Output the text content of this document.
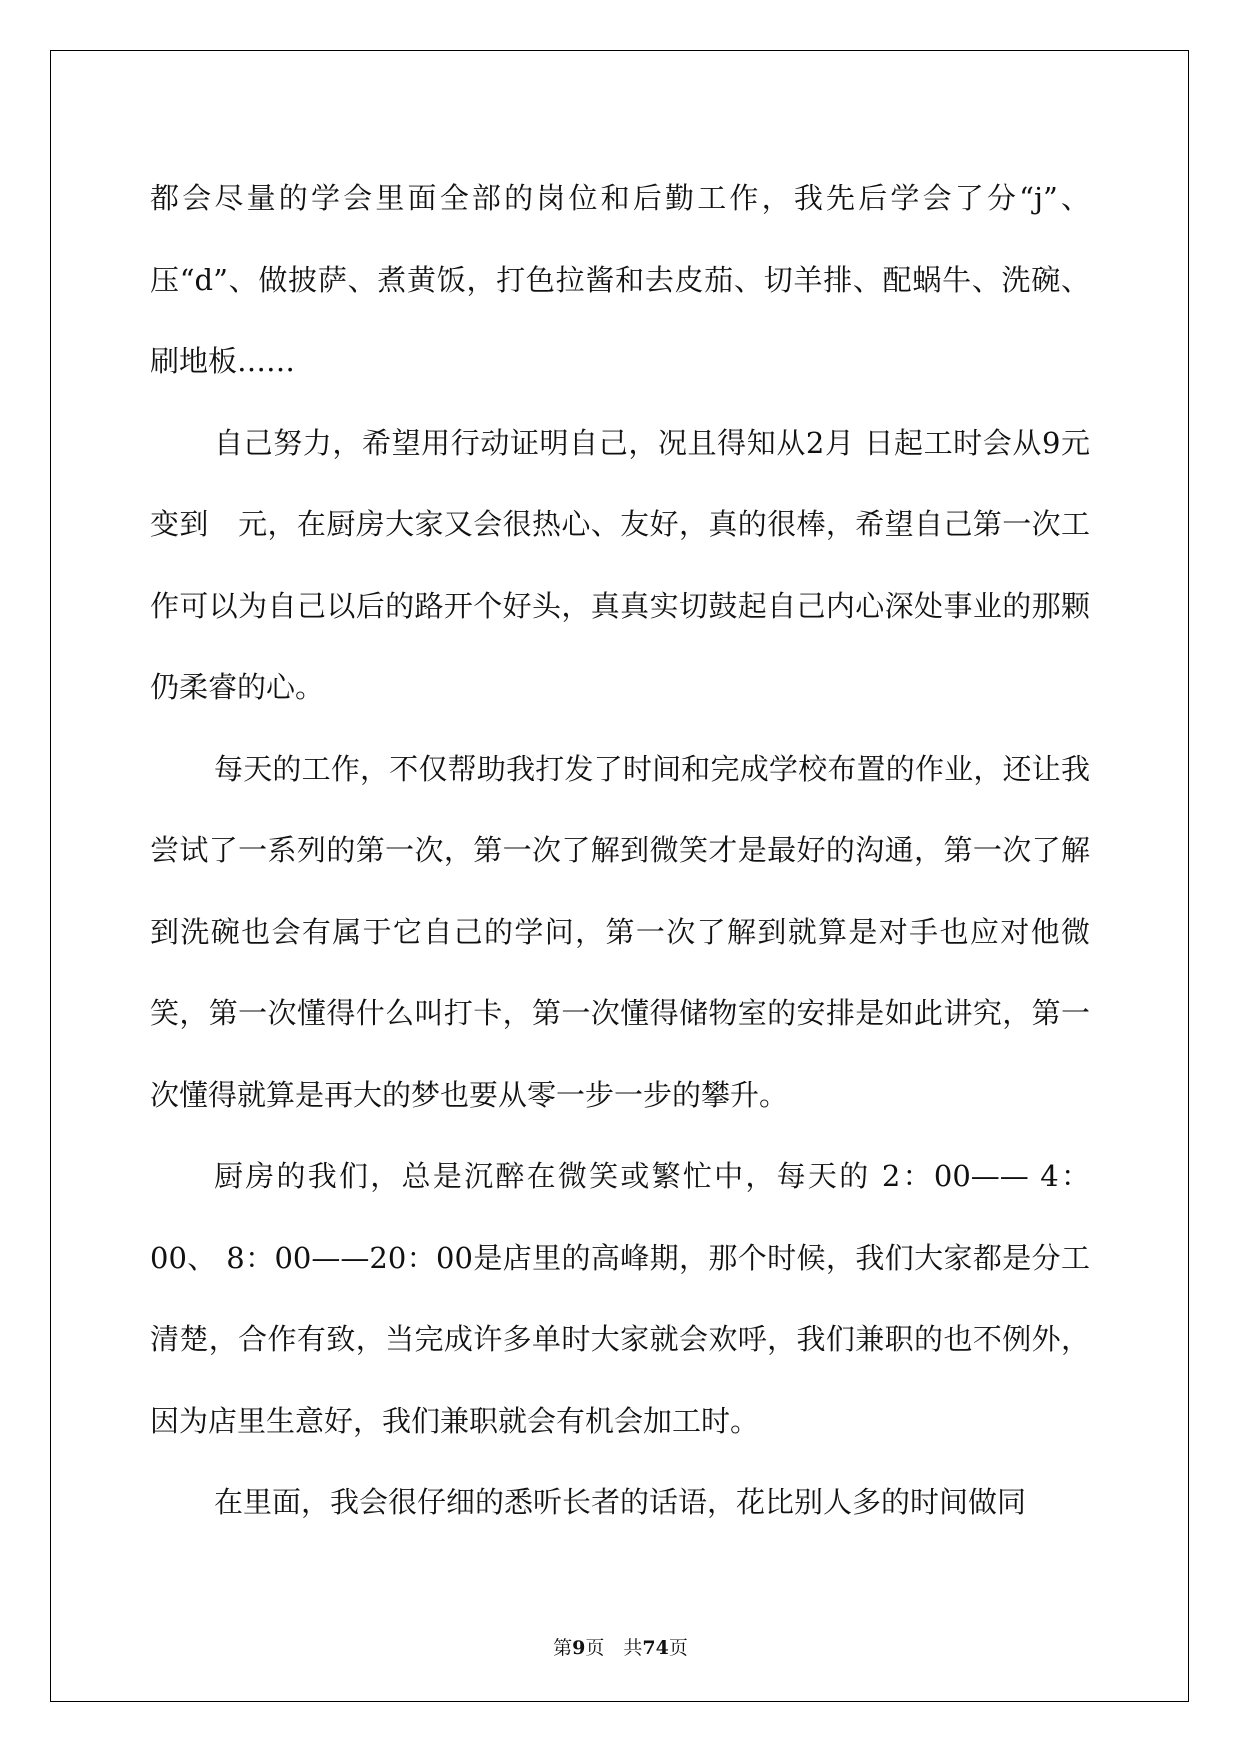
都会尽量的学会里面全部的岗位和后勤工作，我先后学会了分“j”、压“d”、做披萨、煮黄饭，打色拉酱和去皮茄、切羊排、配蜗牛、洗碗、刷地板……

自己努力，希望用行动证明自己，况且得知从2月 日起工时会从9元变到　元，在厨房大家又会很热心、友好，真的很棒，希望自己第一次工作可以为自己以后的路开个好头，真真实切鼓起自己内心深处事业的那颗仍柔睿的心。

每天的工作，不仅帮助我打发了时间和完成学校布置的作业，还让我尝试了一系列的第一次，第一次了解到微笑才是最好的沟通，第一次了解到洗碗也会有属于它自己的学问，第一次了解到就算是对手也应对他微笑，第一次懂得什么叫打卡，第一次懂得储物室的安排是如此讲究，第一次懂得就算是再大的梦也要从零一步一步的攀升。

厨房的我们，总是沉醉在微笑或繁忙中，每天的 2：00—— 4：00、 8：00——20：00是店里的高峰期，那个时候，我们大家都是分工清楚，合作有致，当完成许多单时大家就会欢呼，我们兼职的也不例外，因为店里生意好，我们兼职就会有机会加工时。

在里面，我会很仔细的悉听长者的话语，花比别人多的时间做同

第9页　共74页
